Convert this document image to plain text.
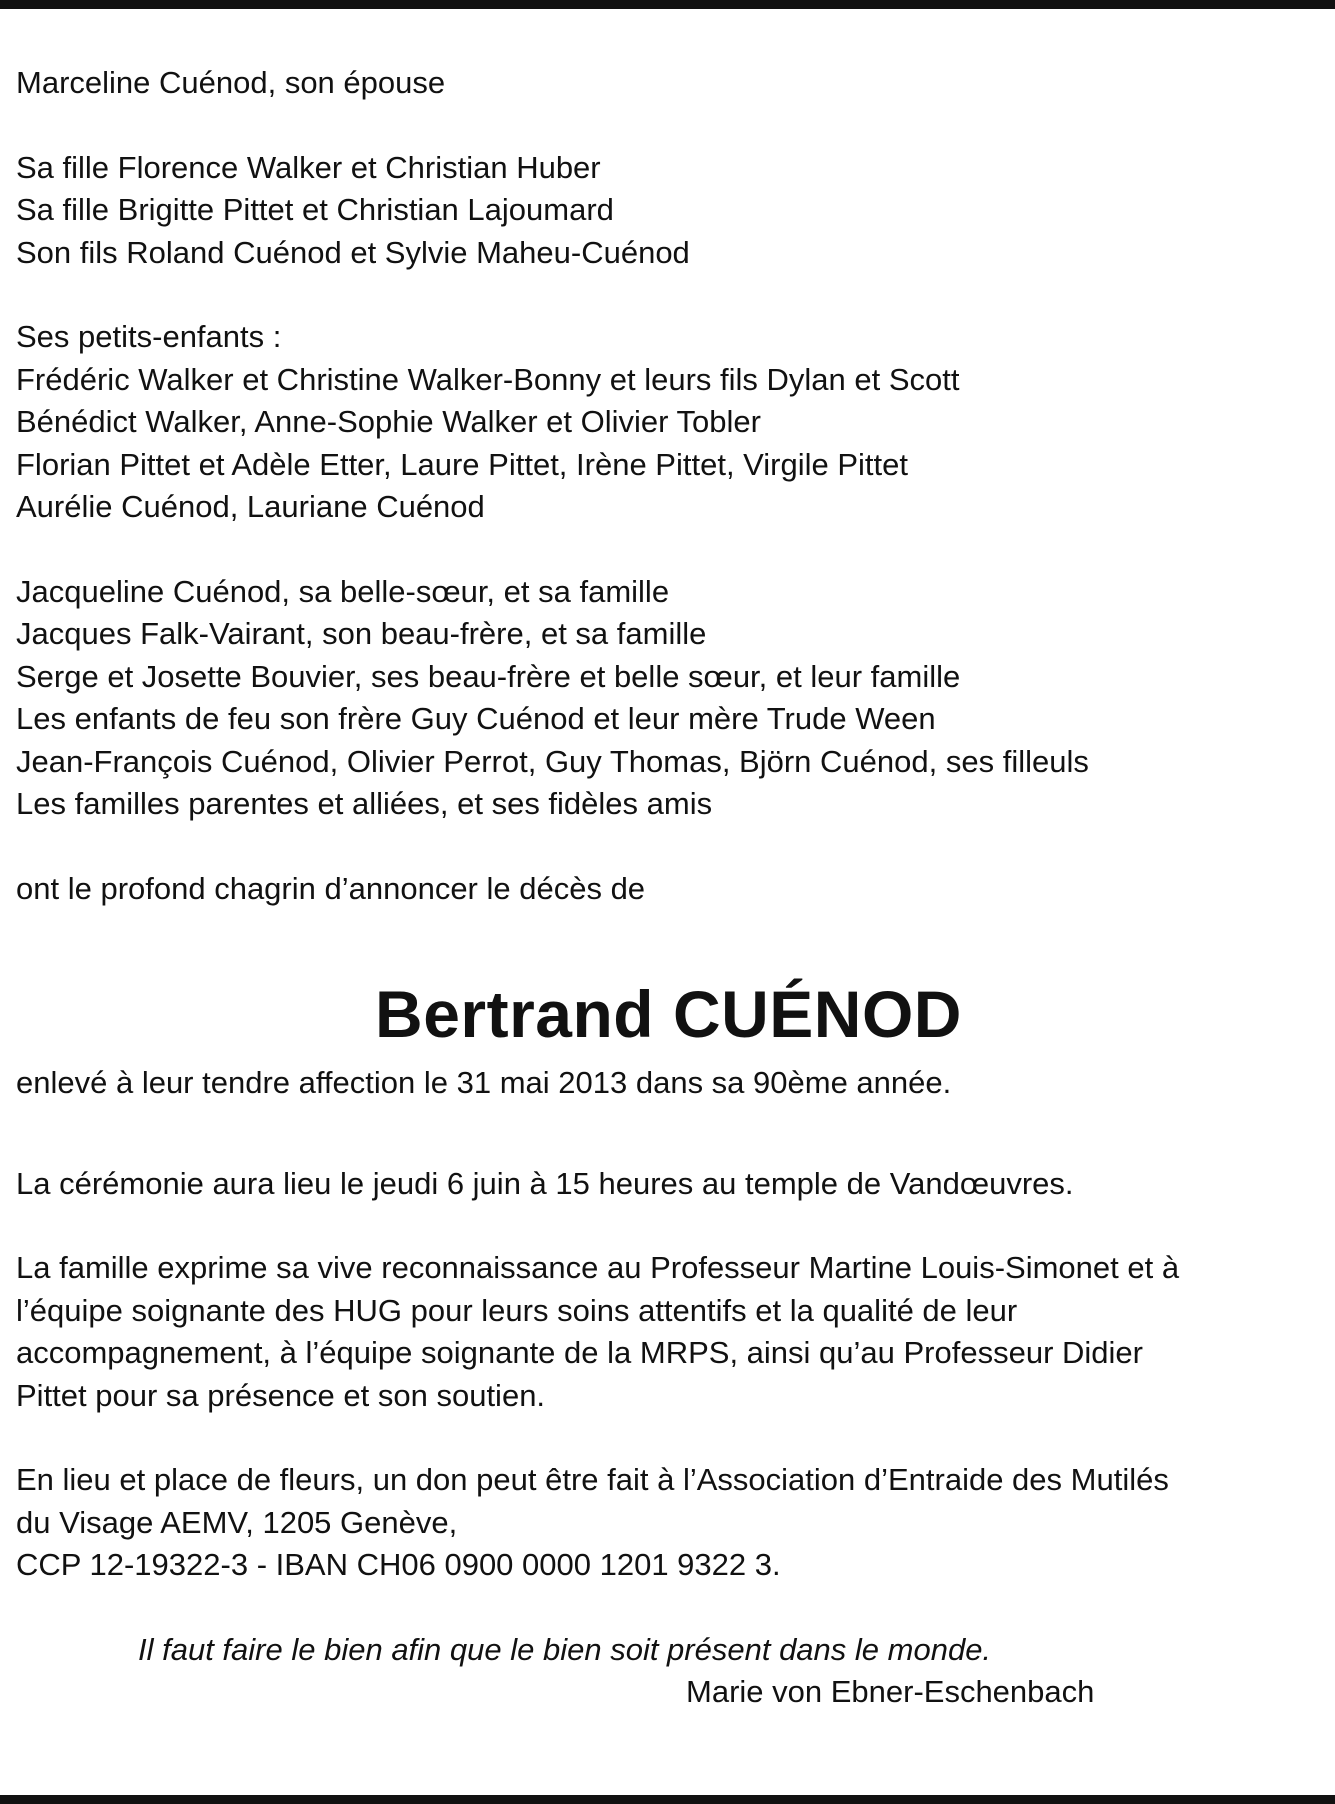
Marceline Cuénod, son épouse
Sa fille Florence Walker et Christian Huber
Sa fille Brigitte Pittet et Christian Lajoumard
Son fils Roland Cuénod et Sylvie Maheu-Cuénod
Ses petits-enfants :
Frédéric Walker et Christine Walker-Bonny et leurs fils Dylan et Scott
Bénédict Walker, Anne-Sophie Walker et Olivier Tobler
Florian Pittet et Adèle Etter, Laure Pittet, Irène Pittet, Virgile Pittet
Aurélie Cuénod, Lauriane Cuénod
Jacqueline Cuénod, sa belle-sœur, et sa famille
Jacques Falk-Vairant, son beau-frère, et sa famille
Serge et Josette Bouvier, ses beau-frère et belle sœur, et leur famille
Les enfants de feu son frère Guy Cuénod et leur mère Trude Ween
Jean-François Cuénod, Olivier Perrot, Guy Thomas, Björn Cuénod, ses filleuls
Les familles parentes et alliées, et ses fidèles amis
ont le profond chagrin d’annoncer le décès de
Bertrand CUÉNOD
enlevé à leur tendre affection le 31 mai 2013 dans sa 90ème année.
La cérémonie aura lieu le jeudi 6 juin à 15 heures au temple de Vandœuvres.
La famille exprime sa vive reconnaissance au Professeur Martine Louis-Simonet et à
l’équipe soignante des HUG pour leurs soins attentifs et la qualité de leur
accompagnement, à l’équipe soignante de la MRPS, ainsi qu’au Professeur Didier
Pittet pour sa présence et son soutien.
En lieu et place de fleurs, un don peut être fait à l’Association d’Entraide des Mutilés
du Visage AEMV, 1205 Genève,
CCP 12-19322-3 - IBAN CH06 0900 0000 1201 9322 3.
Il faut faire le bien afin que le bien soit présent dans le monde.
Marie von Ebner-Eschenbach
